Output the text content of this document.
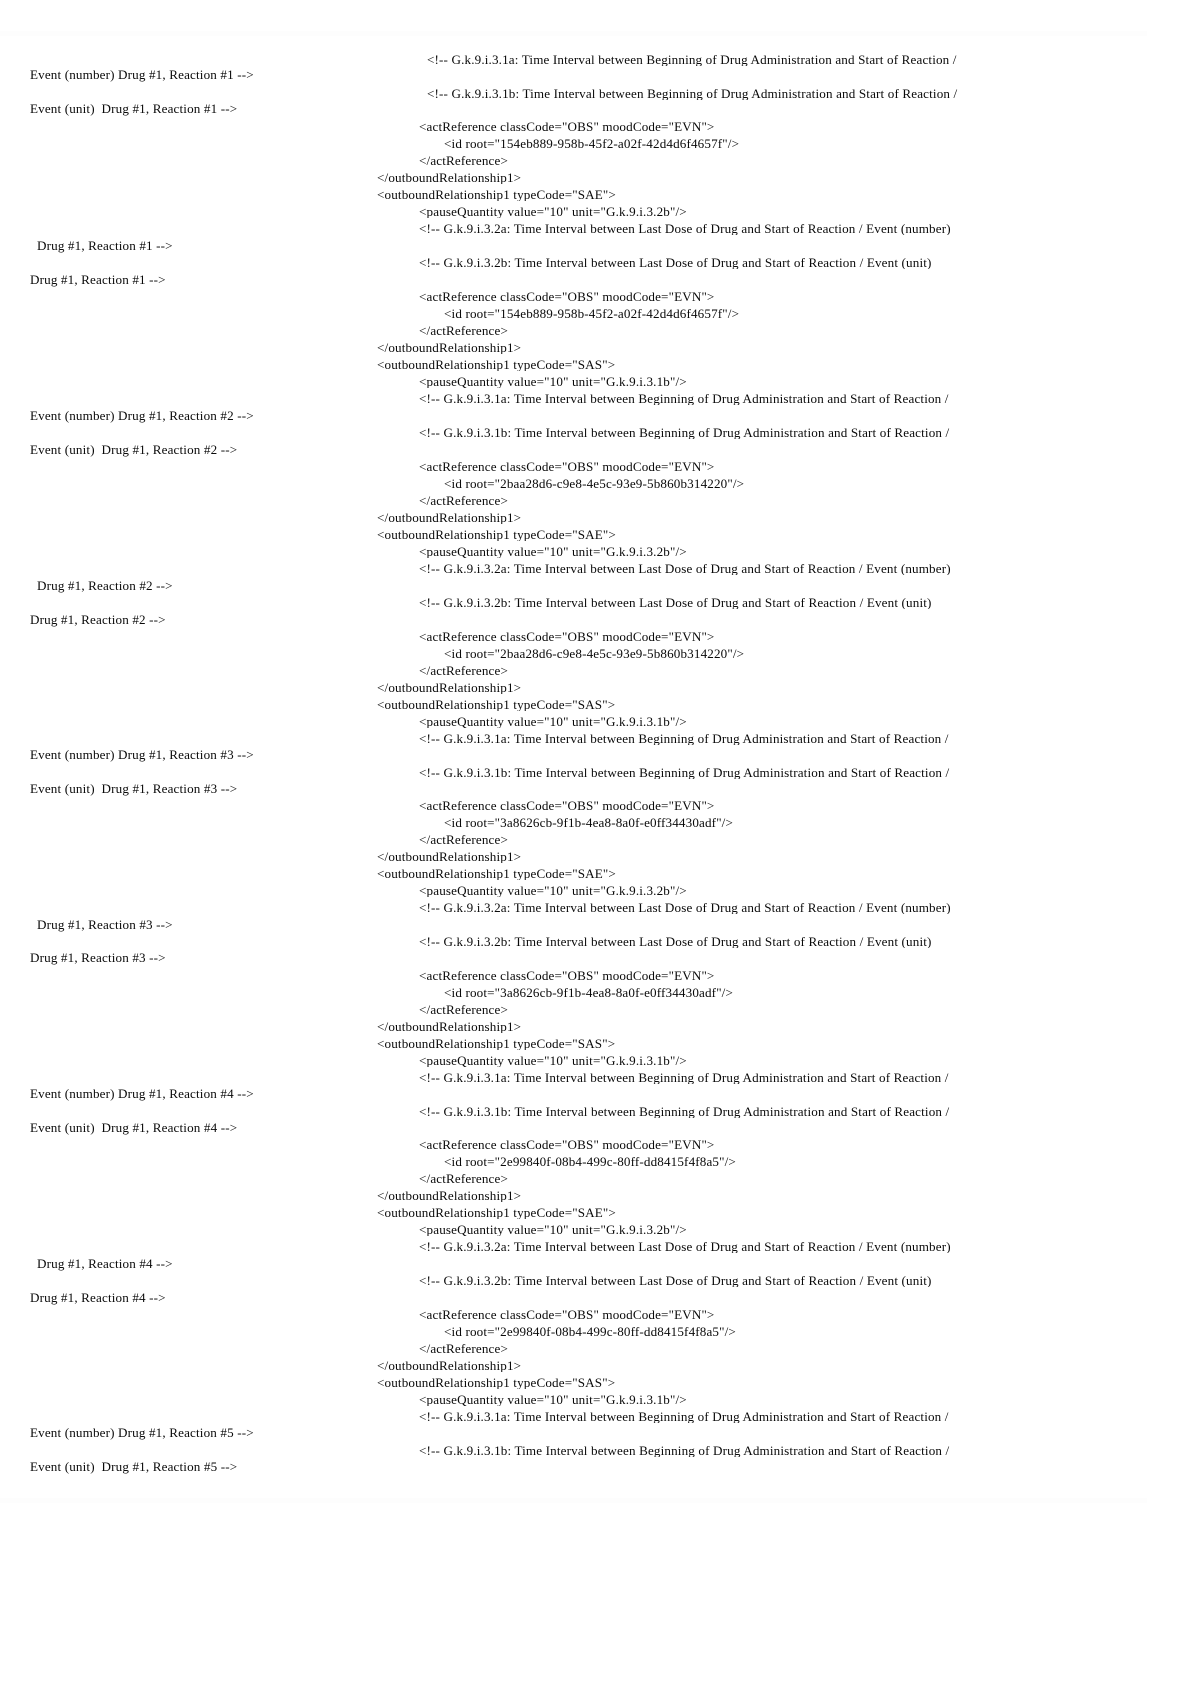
<!-- G.k.9.i.3.1a: Time Interval between Beginning of Drug Administration and Start of Reaction /
<!-- G.k.9.i.3.1b: Time Interval between Beginning of Drug Administration and Start of Reaction /
<actReference classCode="OBS" moodCode="EVN">
<id root="154eb889-958b-45f2-a02f-42d4d6f4657f"/>
</actReference>
</outboundRelationship1>
<outboundRelationship1 typeCode="SAE">
<pauseQuantity value="10" unit="G.k.9.i.3.2b"/>
<!-- G.k.9.i.3.2a: Time Interval between Last Dose of Drug and Start of Reaction / Event (number)
<!-- G.k.9.i.3.2b: Time Interval between Last Dose of Drug and Start of Reaction / Event (unit)
<actReference classCode="OBS" moodCode="EVN">
<id root="154eb889-958b-45f2-a02f-42d4d6f4657f"/>
</actReference>
</outboundRelationship1>
<outboundRelationship1 typeCode="SAS">
<pauseQuantity value="10" unit="G.k.9.i.3.1b"/>
<!-- G.k.9.i.3.1a: Time Interval between Beginning of Drug Administration and Start of Reaction /
<!-- G.k.9.i.3.1b: Time Interval between Beginning of Drug Administration and Start of Reaction /
<actReference classCode="OBS" moodCode="EVN">
<id root="2baa28d6-c9e8-4e5c-93e9-5b860b314220"/>
</actReference>
</outboundRelationship1>
<outboundRelationship1 typeCode="SAE">
<pauseQuantity value="10" unit="G.k.9.i.3.2b"/>
<!-- G.k.9.i.3.2a: Time Interval between Last Dose of Drug and Start of Reaction / Event (number)
<!-- G.k.9.i.3.2b: Time Interval between Last Dose of Drug and Start of Reaction / Event (unit)
<actReference classCode="OBS" moodCode="EVN">
<id root="2baa28d6-c9e8-4e5c-93e9-5b860b314220"/>
</actReference>
</outboundRelationship1>
<outboundRelationship1 typeCode="SAS">
<pauseQuantity value="10" unit="G.k.9.i.3.1b"/>
<!-- G.k.9.i.3.1a: Time Interval between Beginning of Drug Administration and Start of Reaction /
<!-- G.k.9.i.3.1b: Time Interval between Beginning of Drug Administration and Start of Reaction /
<actReference classCode="OBS" moodCode="EVN">
<id root="3a8626cb-9f1b-4ea8-8a0f-e0ff34430adf"/>
</actReference>
</outboundRelationship1>
<outboundRelationship1 typeCode="SAE">
<pauseQuantity value="10" unit="G.k.9.i.3.2b"/>
<!-- G.k.9.i.3.2a: Time Interval between Last Dose of Drug and Start of Reaction / Event (number)
<!-- G.k.9.i.3.2b: Time Interval between Last Dose of Drug and Start of Reaction / Event (unit)
<actReference classCode="OBS" moodCode="EVN">
<id root="3a8626cb-9f1b-4ea8-8a0f-e0ff34430adf"/>
</actReference>
</outboundRelationship1>
<outboundRelationship1 typeCode="SAS">
<pauseQuantity value="10" unit="G.k.9.i.3.1b"/>
<!-- G.k.9.i.3.1a: Time Interval between Beginning of Drug Administration and Start of Reaction /
<!-- G.k.9.i.3.1b: Time Interval between Beginning of Drug Administration and Start of Reaction /
<actReference classCode="OBS" moodCode="EVN">
<id root="2e99840f-08b4-499c-80ff-dd8415f4f8a5"/>
</actReference>
</outboundRelationship1>
<outboundRelationship1 typeCode="SAE">
<pauseQuantity value="10" unit="G.k.9.i.3.2b"/>
<!-- G.k.9.i.3.2a: Time Interval between Last Dose of Drug and Start of Reaction / Event (number)
<!-- G.k.9.i.3.2b: Time Interval between Last Dose of Drug and Start of Reaction / Event (unit)
<actReference classCode="OBS" moodCode="EVN">
<id root="2e99840f-08b4-499c-80ff-dd8415f4f8a5"/>
</actReference>
</outboundRelationship1>
<outboundRelationship1 typeCode="SAS">
<pauseQuantity value="10" unit="G.k.9.i.3.1b"/>
<!-- G.k.9.i.3.1a: Time Interval between Beginning of Drug Administration and Start of Reaction /
<!-- G.k.9.i.3.1b: Time Interval between Beginning of Drug Administration and Start of Reaction /
Event (number) Drug #1, Reaction #1 -->
Event (unit)  Drug #1, Reaction #1 -->
Drug #1, Reaction #1 -->
Drug #1, Reaction #1 -->
Event (number) Drug #1, Reaction #2 -->
Event (unit)  Drug #1, Reaction #2 -->
Drug #1, Reaction #2 -->
Drug #1, Reaction #2 -->
Event (number) Drug #1, Reaction #3 -->
Event (unit)  Drug #1, Reaction #3 -->
Drug #1, Reaction #3 -->
Drug #1, Reaction #3 -->
Event (number) Drug #1, Reaction #4 -->
Event (unit)  Drug #1, Reaction #4 -->
Drug #1, Reaction #4 -->
Drug #1, Reaction #4 -->
Event (number) Drug #1, Reaction #5 -->
Event (unit)  Drug #1, Reaction #5 -->
